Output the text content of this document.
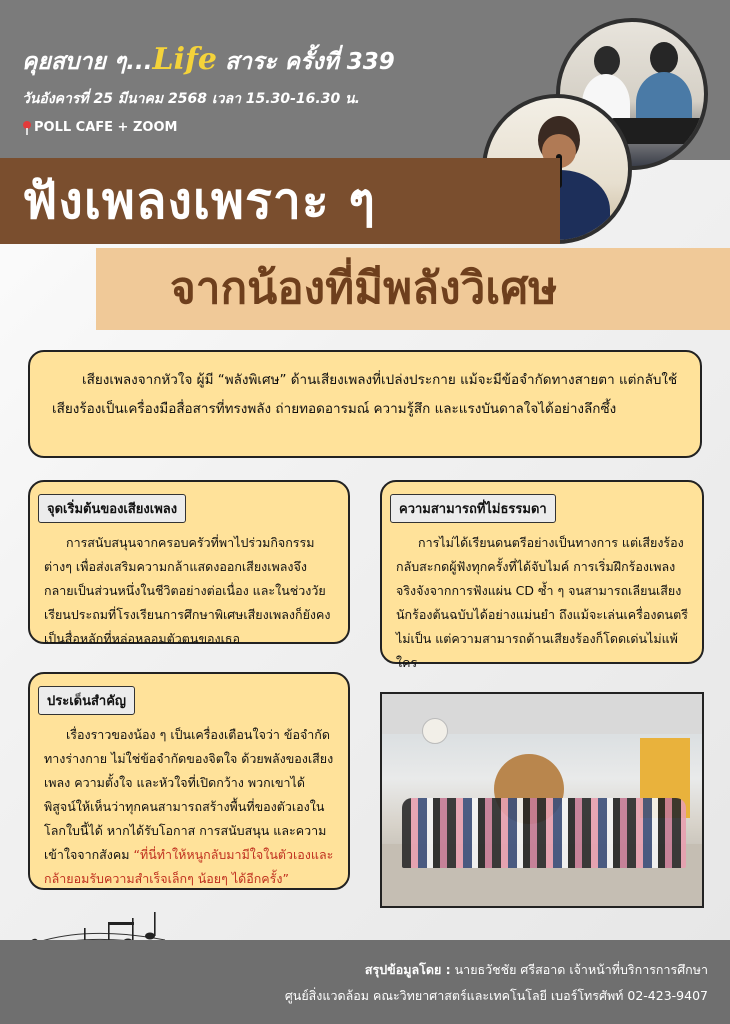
คุยสบาย ๆ...Life สาระ ครั้งที่ 339
วันอังคารที่ 25 มีนาคม 2568 เวลา 15.30-16.30 น.
POLL CAFE + ZOOM
ฟังเพลงเพราะ ๆ
จากน้องที่มีพลังวิเศษ

เสียงเพลงจากหัวใจ ผู้มี “พลังพิเศษ” ด้านเสียงเพลงที่เปล่งประกาย แม้จะมีข้อจำกัดทางสายตา แต่กลับใช้เสียงร้องเป็นเครื่องมือสื่อสารที่ทรงพลัง ถ่ายทอดอารมณ์ ความรู้สึก และแรงบันดาลใจได้อย่างลึกซึ้ง

จุดเริ่มต้นของเสียงเพลง

การสนับสนุนจากครอบครัวที่พาไปร่วมกิจกรรมต่างๆ เพื่อส่งเสริมความกล้าแสดงออกเสียงเพลงจึงกลายเป็นส่วนหนึ่งในชีวิตอย่างต่อเนื่อง และในช่วงวัยเรียนประถมที่โรงเรียนการศึกษาพิเศษเสียงเพลงก็ยังคงเป็นสื่อหลักที่หล่อหลอมตัวตนของเธอ

ความสามารถที่ไม่ธรรมดา

การไม่ได้เรียนดนตรีอย่างเป็นทางการ แต่เสียงร้องกลับสะกดผู้ฟังทุกครั้งที่ได้จับไมค์ การเริ่มฝึกร้องเพลงจริงจังจากการฟังแผ่น CD ซ้ำ ๆ จนสามารถเลียนเสียงนักร้องต้นฉบับได้อย่างแม่นยำ ถึงแม้จะเล่นเครื่องดนตรีไม่เป็น แต่ความสามารถด้านเสียงร้องก็โดดเด่นไม่แพ้ใคร

ประเด็นสำคัญ

เรื่องราวของน้อง ๆ เป็นเครื่องเตือนใจว่า ข้อจำกัดทางร่างกาย ไม่ใช่ข้อจำกัดของจิตใจ ด้วยพลังของเสียงเพลง ความตั้งใจ และหัวใจที่เปิดกว้าง พวกเขาได้พิสูจน์ให้เห็นว่าทุกคนสามารถสร้างพื้นที่ของตัวเองในโลกใบนี้ได้ หากได้รับโอกาส การสนับสนุน และความเข้าใจจากสังคม “ที่นี่ทำให้หนูกลับมามีใจในตัวเองและกล้ายอมรับความสำเร็จเล็กๆ น้อยๆ ได้อีกครั้ง”

สรุปข้อมูลโดย : นายธวัชชัย ศรีสอาด เจ้าหน้าที่บริการการศึกษา
ศูนย์สิ่งแวดล้อม คณะวิทยาศาสตร์และเทคโนโลยี เบอร์โทรศัพท์ 02-423-9407
